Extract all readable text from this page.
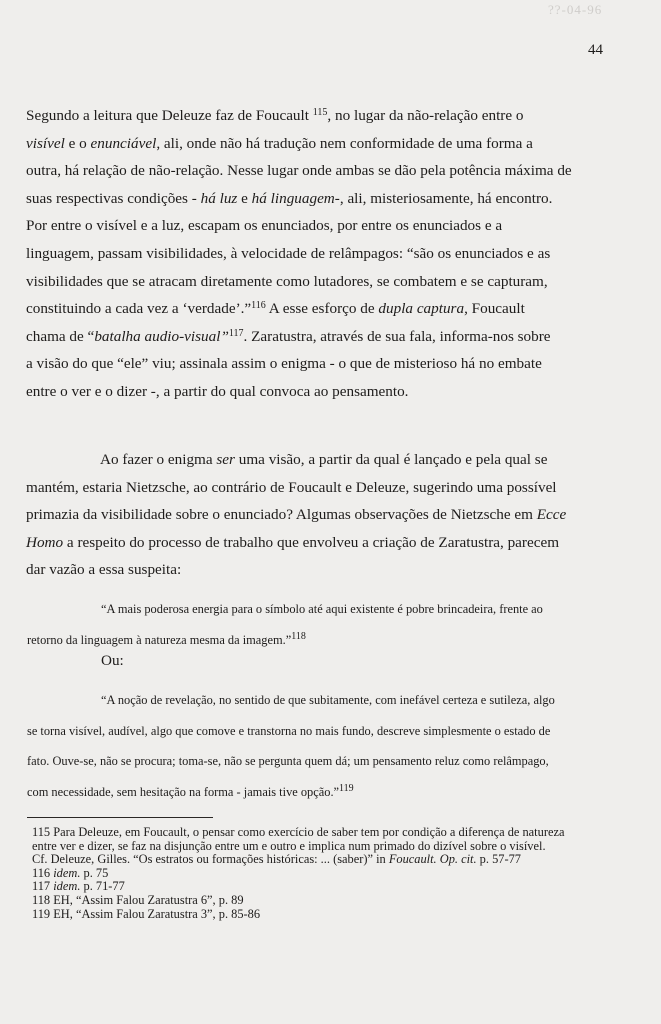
??-04-96
44
Segundo a leitura que Deleuze faz de Foucault $^{115}$, no lugar da não-relação entre o
visível e o enunciável, ali, onde não há tradução nem conformidade de uma forma a
outra, há relação de não-relação. Nesse lugar onde ambas se dão pela potência máxima de
suas respectivas condições - há luz e há linguagem-, ali, misteriosamente, há encontro.
Por entre o visível e a luz, escapam os enunciados, por entre os enunciados e a
linguagem, passam visibilidades, à velocidade de relâmpagos: “são os enunciados e as
visibilidades que se atracam diretamente como lutadores, se combatem e se capturam,
constituindo a cada vez a ‘verdade’.”$^{116}$ A esse esforço de dupla captura, Foucault
chama de “batalha audio-visual”$^{117}$. Zaratustra, através de sua fala, informa-nos sobre
a visão do que “ele” viu; assinala assim o enigma - o que de misterioso há no embate
entre o ver e o dizer -, a partir do qual convoca ao pensamento.
Ao fazer o enigma ser uma visão, a partir da qual é lançado e pela qual se
mantém, estaria Nietzsche, ao contrário de Foucault e Deleuze, sugerindo uma possível
primazia da visibilidade sobre o enunciado? Algumas observações de Nietzsche em Ecce
Homo a respeito do processo de trabalho que envolveu a criação de Zaratustra, parecem
dar vazão a essa suspeita:
“A mais poderosa energia para o símbolo até aqui existente é pobre brincadeira, frente ao
retorno da linguagem à natureza mesma da imagem.”$^{118}$
Ou:
“A noção de revelação, no sentido de que subitamente, com inefável certeza e sutileza, algo
se torna visível, audível, algo que comove e transtorna no mais fundo, descreve simplesmente o estado de
fato. Ouve-se, não se procura; toma-se, não se pergunta quem dá; um pensamento reluz como relâmpago,
com necessidade, sem hesitação na forma - jamais tive opção.”$^{119}$
115 Para Deleuze, em Foucault, o pensar como exercício de saber tem por condição a diferença de natureza
entre ver e dizer, se faz na disjunção entre um e outro e implica num primado do dizível sobre o visível.
Cf. Deleuze, Gilles. “Os estratos ou formações históricas: ... (saber)” in Foucault. Op. cit. p. 57-77
116 idem. p. 75
117 idem. p. 71-77
118 EH, “Assim Falou Zaratustra 6”, p. 89
119 EH, “Assim Falou Zaratustra 3”, p. 85-86
